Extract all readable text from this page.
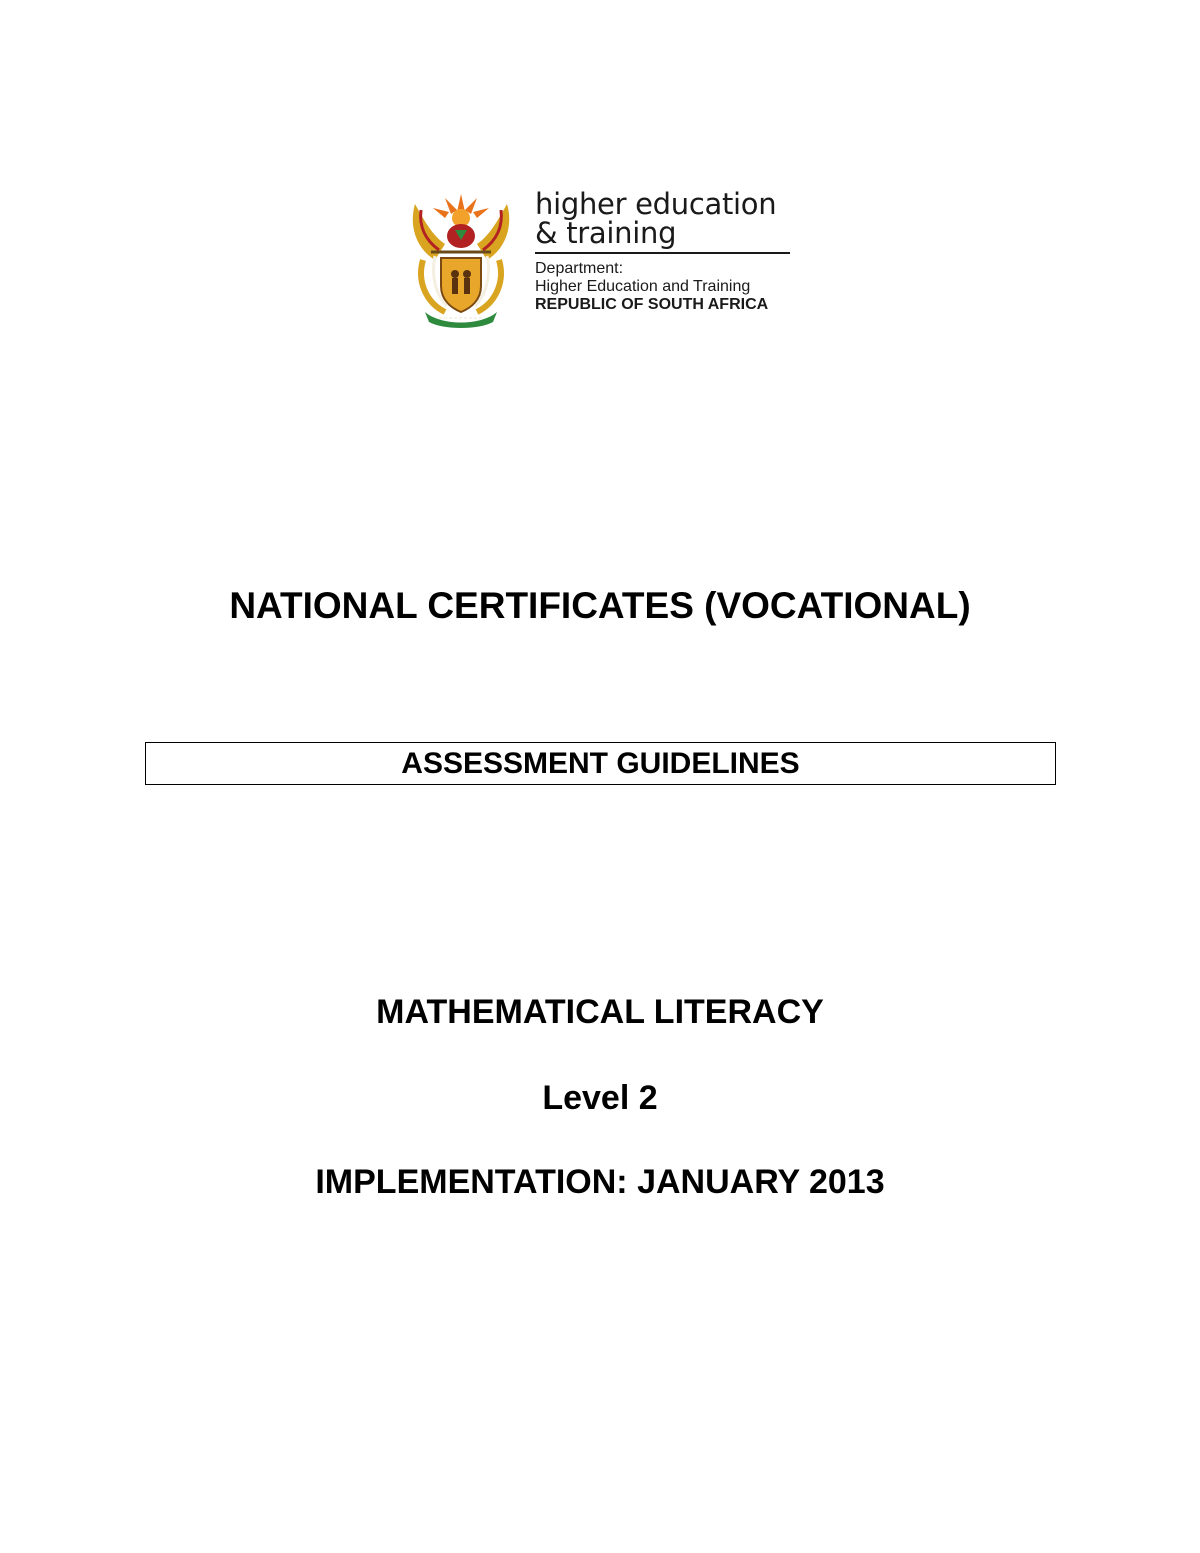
higher education
& training
Department:
Higher Education and Training
REPUBLIC OF SOUTH AFRICA
NATIONAL CERTIFICATES (VOCATIONAL)
ASSESSMENT GUIDELINES
MATHEMATICAL LITERACY
Level 2
IMPLEMENTATION: JANUARY 2013
